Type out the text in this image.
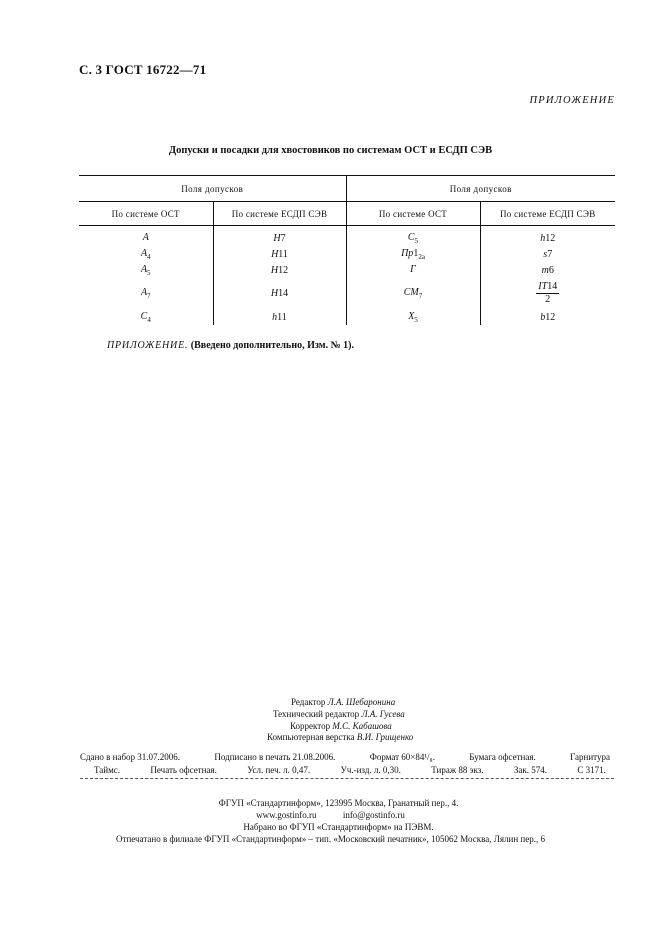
С. 3 ГОСТ 16722—71
ПРИЛОЖЕНИЕ
Допуски и посадки для хвостовиков по системам ОСТ и ЕСДП СЭВ
Поля допусков		Поля допусков	
По системе ОСТ	По системе ЕСДП СЭВ	По системе ОСТ	По системе ЕСДП СЭВ
A	H7	$C_5$	h12
$A_4$	H11	$Пр1_{2а}$	s7
$A_5$	H12	Г	m6
$A_7$	H14	$СМ_7$	$\frac{IT14}{2}$

$C_4$	h11	$Х_5$	b12
ПРИЛОЖЕНИЕ. (Введено дополнительно, Изм. № 1).
Редактор Л.А. Шебаронина
Технический редактор Л.А. Гусева
Корректор М.С. Кабашова
Компьютерная верстка В.И. Грищенко
Сдано в набор 31.07.2006.	Подписано в печать 21.08.2006.	Формат 60×84¹/₈.	Бумага офсетная.	Гарнитура
Таймс.	Печать офсетная.	Усл. печ. л. 0,47.	Уч.-изд. л. 0,30.	Тираж 88 экз.	Зак. 574.	С 3171.
ФГУП «Стандартинформ», 123995 Москва, Гранатный пер., 4.
www.gostinfo.ru	info@gostinfo.ru
Набрано во ФГУП «Стандартинформ» на ПЭВМ.
Отпечатано в филиале ФГУП «Стандартинформ» – тип. «Московский печатник», 105062 Москва, Лялин пер., 6
